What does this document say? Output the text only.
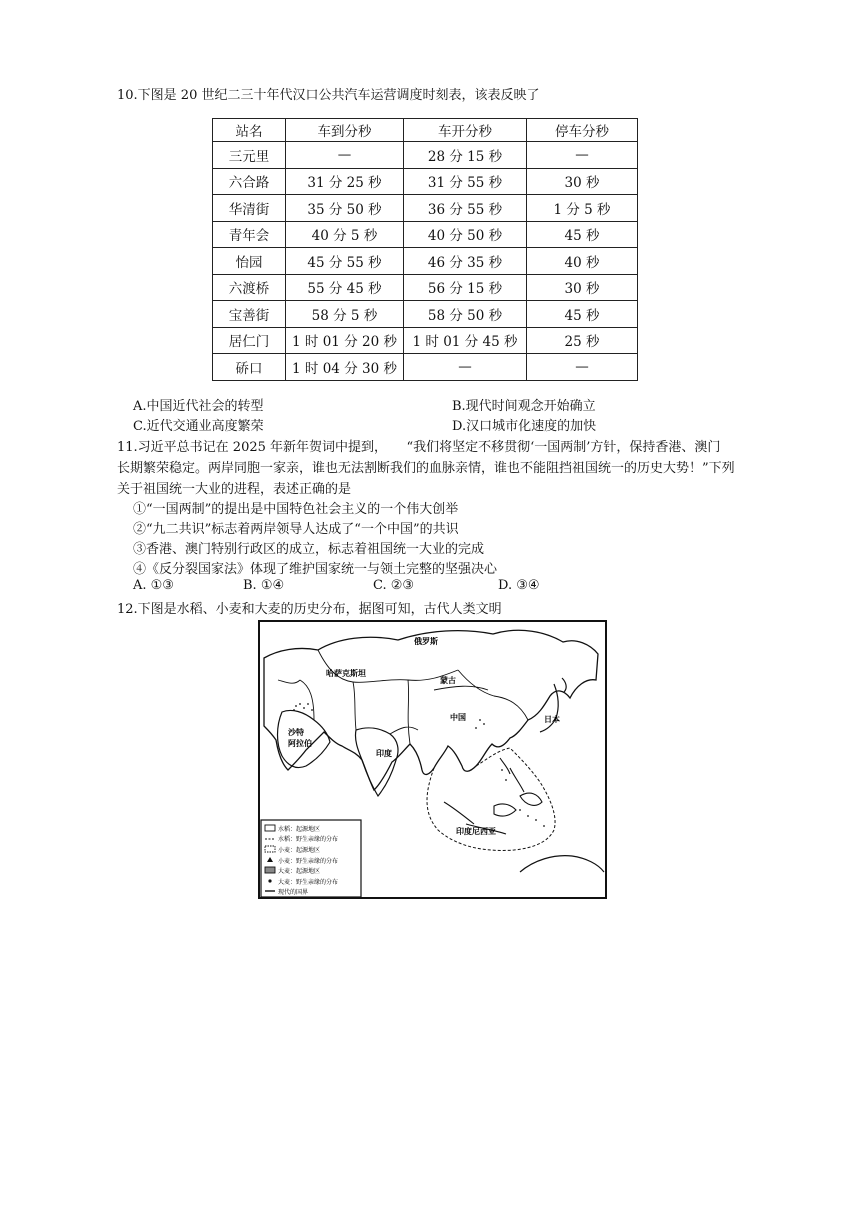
10.下图是 20 世纪二三十年代汉口公共汽车运营调度时刻表，该表反映了
站名	车到分秒	车开分秒	停车分秒
三元里	—	28 分 15 秒	—
六合路	31 分 25 秒	31 分 55 秒	30 秒
华清街	35 分 50 秒	36 分 55 秒	1 分 5 秒
青年会	40 分 5 秒	40 分 50 秒	45 秒
怡园	45 分 55 秒	46 分 35 秒	40 秒
六渡桥	55 分 45 秒	56 分 15 秒	30 秒
宝善街	58 分 5 秒	58 分 50 秒	45 秒
居仁门	1 时 01 分 20 秒	1 时 01 分 45 秒	25 秒
硚口	1 时 04 分 30 秒	—	—
A.中国近代社会的转型	B.现代时间观念开始确立
C.近代交通业高度繁荣	D.汉口城市化速度的加快
11.习近平总书记在 2025 年新年贺词中提到，　　“我们将坚定不移贯彻‘一国两制’方针，保持香港、澳门
长期繁荣稳定。两岸同胞一家亲，谁也无法割断我们的血脉亲情，谁也不能阻挡祖国统一的历史大势！”下列
关于祖国统一大业的进程，表述正确的是
①“一国两制”的提出是中国特色社会主义的一个伟大创举
②“九二共识”标志着两岸领导人达成了“一个中国”的共识
③香港、澳门特别行政区的成立，标志着祖国统一大业的完成
④《反分裂国家法》体现了维护国家统一与领土完整的坚强决心
A. ①③	B. ①④	C. ②③	D. ③④
12.下图是水稻、小麦和大麦的历史分布，据图可知，古代人类文明
俄罗斯
哈萨克斯坦
蒙古
中国	日本
沙特
阿拉伯
印度
印度尼西亚
水稻：起源地区
水稻：野生亲缘的分布
小麦：起源地区
小麦：野生亲缘的分布
大麦：起源地区
大麦：野生亲缘的分布
现代的国界
